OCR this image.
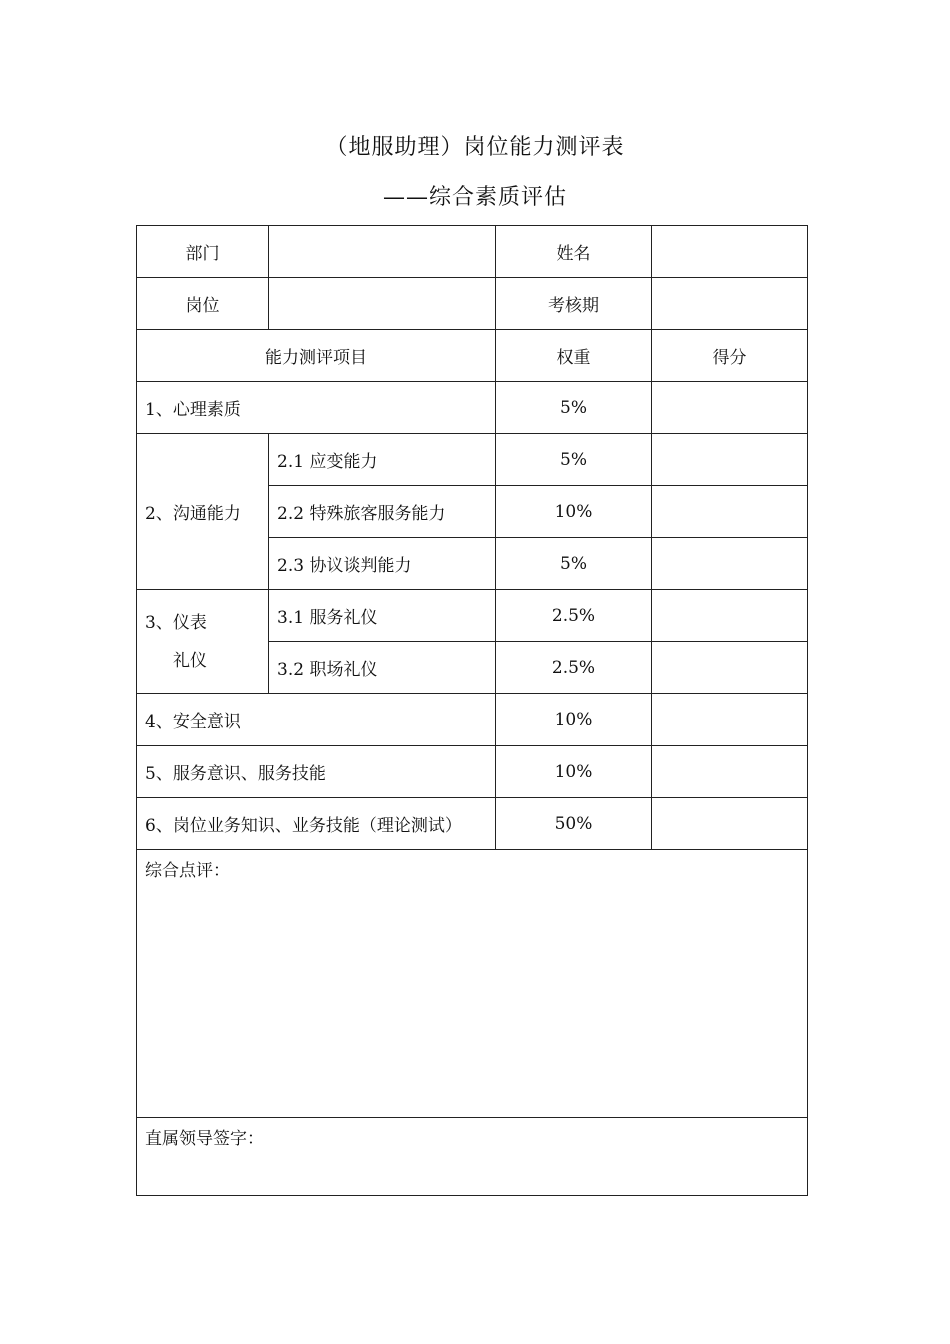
（地服助理）岗位能力测评表
——综合素质评估
部门		姓名	
岗位		考核期	
能力测评项目		权重	得分
1、心理素质		5%	
2、沟通能力	2.1 应变能力	5%	
	2.2 特殊旅客服务能力	10%	
	2.3 协议谈判能力	5%	
3、仪表
礼仪	3.1 服务礼仪	2.5%	
	3.2 职场礼仪	2.5%	
4、安全意识		10%	
5、服务意识、服务技能		10%	
6、岗位业务知识、业务技能（理论测试）		50%	

综合点评：			

直属领导签字：			
